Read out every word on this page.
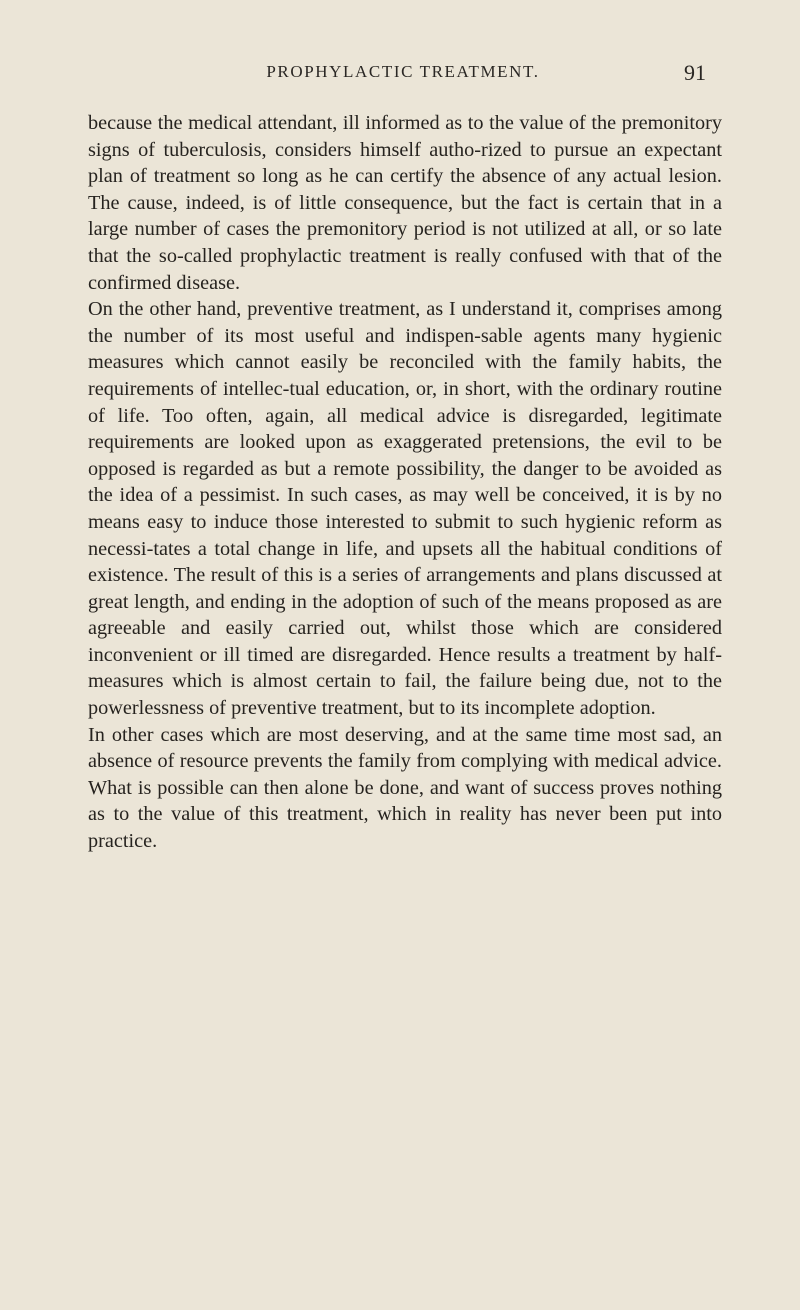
PROPHYLACTIC TREATMENT.	91

because the medical attendant, ill informed as to the value of the premonitory signs of tuberculosis, considers himself autho-rized to pursue an expectant plan of treatment so long as he can certify the absence of any actual lesion. The cause, indeed, is of little consequence, but the fact is certain that in a large number of cases the premonitory period is not utilized at all, or so late that the so-called prophylactic treatment is really confused with that of the confirmed disease.

On the other hand, preventive treatment, as I understand it, comprises among the number of its most useful and indispen-sable agents many hygienic measures which cannot easily be reconciled with the family habits, the requirements of intellec-tual education, or, in short, with the ordinary routine of life. Too often, again, all medical advice is disregarded, legitimate requirements are looked upon as exaggerated pretensions, the evil to be opposed is regarded as but a remote possibility, the danger to be avoided as the idea of a pessimist. In such cases, as may well be conceived, it is by no means easy to induce those interested to submit to such hygienic reform as necessi-tates a total change in life, and upsets all the habitual conditions of existence. The result of this is a series of arrangements and plans discussed at great length, and ending in the adoption of such of the means proposed as are agreeable and easily carried out, whilst those which are considered inconvenient or ill timed are disregarded. Hence results a treatment by half-measures which is almost certain to fail, the failure being due, not to the powerlessness of preventive treatment, but to its incomplete adoption.

In other cases which are most deserving, and at the same time most sad, an absence of resource prevents the family from complying with medical advice. What is possible can then alone be done, and want of success proves nothing as to the value of this treatment, which in reality has never been put into practice.
